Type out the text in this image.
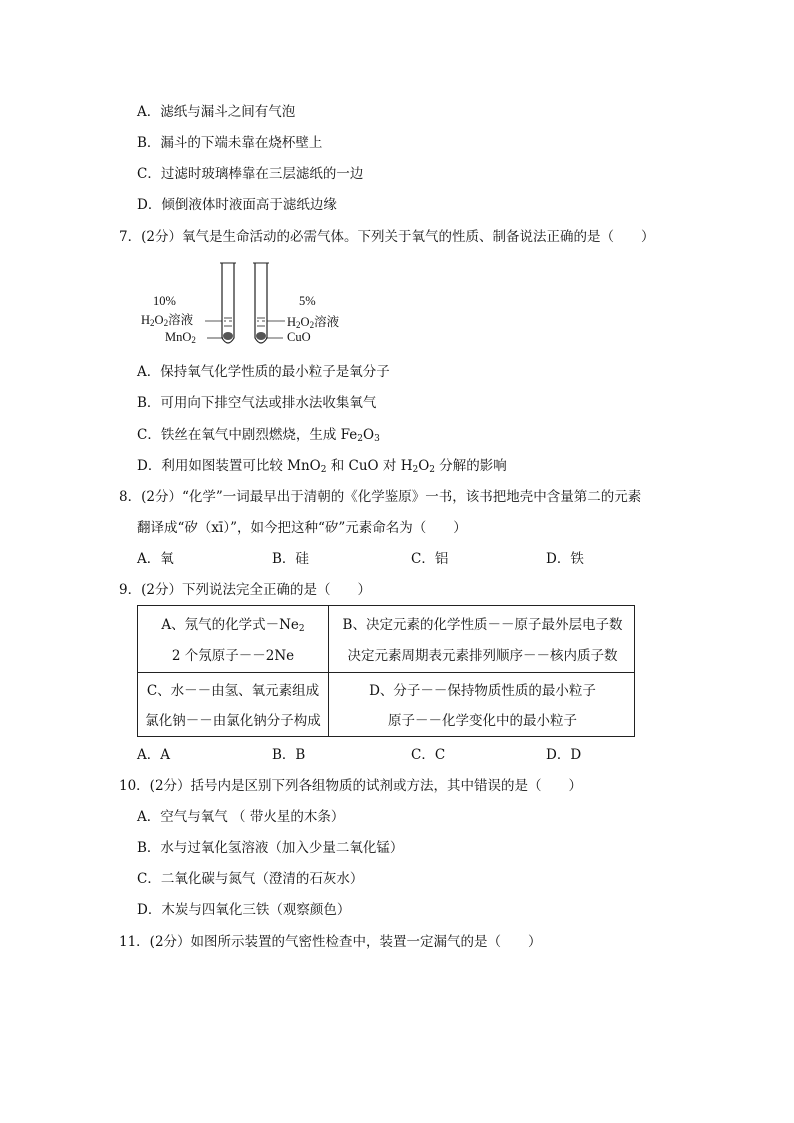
A．滤纸与漏斗之间有气泡
B．漏斗的下端未靠在烧杯壁上
C．过滤时玻璃棒靠在三层滤纸的一边
D．倾倒液体时液面高于滤纸边缘
7．(2分）氧气是生命活动的必需气体。下列关于氧气的性质、制备说法正确的是（　　）
10%
$H_2O_2$溶液
MnO$_2$
5%
$H_2O_2$溶液
CuO
A．保持氧气化学性质的最小粒子是氧分子
B．可用向下排空气法或排水法收集氧气
C．铁丝在氧气中剧烈燃烧，生成 $Fe_2O_3$
D．利用如图装置可比较 MnO$_2$ 和 CuO 对 $H_2O_2$ 分解的影响
8．(2分）“化学”一词最早出于清朝的《化学鉴原》一书，该书把地壳中含量第二的元素
翻译成“矽（xī）”，如今把这种“矽”元素命名为（　　）
A．氧	B．硅	C．铝	D．铁
9．(2分）下列说法完全正确的是（　　）
A、氖气的化学式$-Ne_2$
2 个氖原子－－2Ne
B、决定元素的化学性质－－原子最外层电子数
决定元素周期表元素排列顺序－－核内质子数
C、水－－由氢、氧元素组成
氯化钠－－由氯化钠分子构成
D、分子－－保持物质性质的最小粒子
原子－－化学变化中的最小粒子
A．A	B．B	C．C	D．D
10．(2分）括号内是区别下列各组物质的试剂或方法，其中错误的是（　　）
A．空气与氧气 （ 带火星的木条）
B．水与过氧化氢溶液（加入少量二氧化锰）
C．二氧化碳与氮气（澄清的石灰水）
D．木炭与四氧化三铁（观察颜色）
11．(2分）如图所示装置的气密性检查中，装置一定漏气的是（　　）
